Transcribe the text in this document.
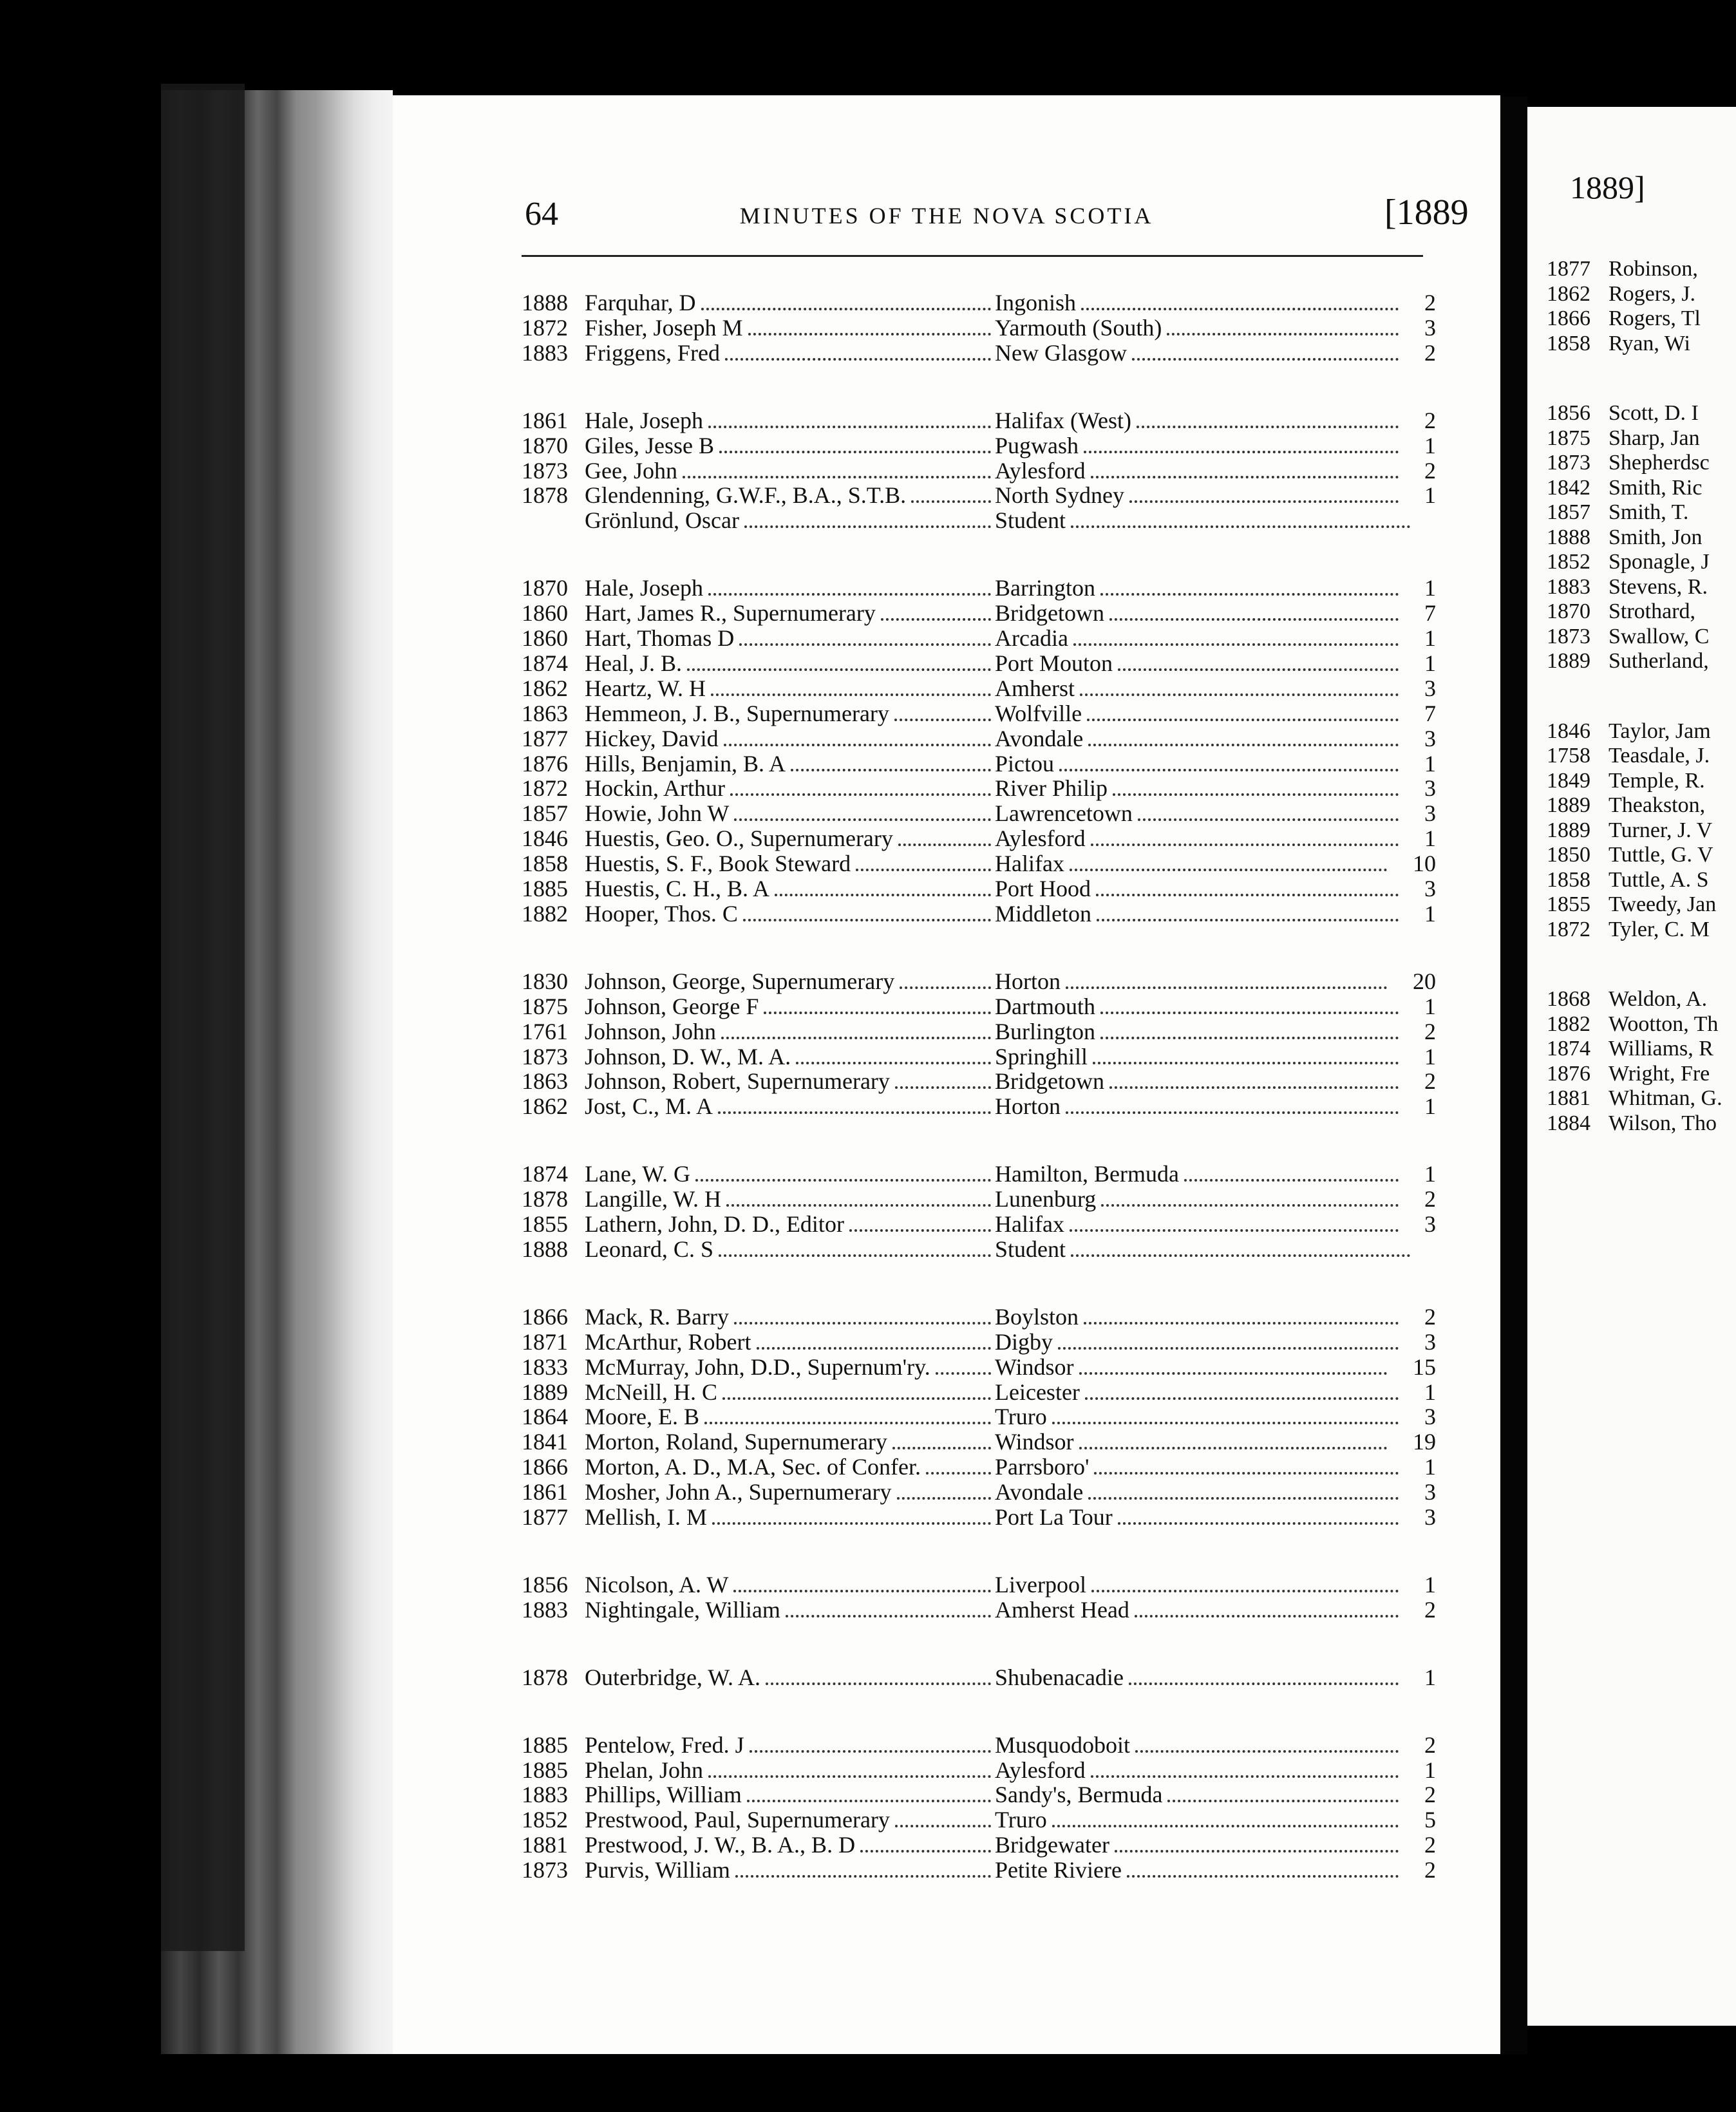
64	MINUTES OF THE NOVA SCOTIA	[1889
1888 Farquhar, D	Ingonish	2
1872 Fisher, Joseph M	Yarmouth (South)	3
1883 Friggens, Fred	New Glasgow	2
1861 Hale, Joseph	Halifax (West)	2
1870 Giles, Jesse B	Pugwash	1
1873 Gee, John	Aylesford	2
1878 Glendenning, G.W.F., B.A., S.T.B.	North Sydney	1
Grönlund, Oscar	Student
1870 Hale, Joseph	Barrington	1
1860 Hart, James R., Supernumerary	Bridgetown	7
1860 Hart, Thomas D	Arcadia	1
1874 Heal, J. B.	Port Mouton	1
1862 Heartz, W. H	Amherst	3
1863 Hemmeon, J. B., Supernumerary	Wolfville	7
1877 Hickey, David	Avondale	3
1876 Hills, Benjamin, B. A	Pictou	1
1872 Hockin, Arthur	River Philip	3
1857 Howie, John W	Lawrencetown	3
1846 Huestis, Geo. O., Supernumerary	Aylesford	1
1858 Huestis, S. F., Book Steward	Halifax	10
1885 Huestis, C. H., B. A	Port Hood	3
1882 Hooper, Thos. C	Middleton	1
1830 Johnson, George, Supernumerary	Horton	20
1875 Johnson, George F	Dartmouth	1
1761 Johnson, John	Burlington	2
1873 Johnson, D. W., M. A.	Springhill	1
1863 Johnson, Robert, Supernumerary	Bridgetown	2
1862 Jost, C., M. A	Horton	1
1874 Lane, W. G	Hamilton, Bermuda	1
1878 Langille, W. H	Lunenburg	2
1855 Lathern, John, D. D., Editor	Halifax	3
1888 Leonard, C. S	Student
1866 Mack, R. Barry	Boylston	2
1871 McArthur, Robert	Digby	3
1833 McMurray, John, D.D., Supernum'ry.	Windsor	15
1889 McNeill, H. C	Leicester	1
1864 Moore, E. B	Truro	3
1841 Morton, Roland, Supernumerary	Windsor	19
1866 Morton, A. D., M.A, Sec. of Confer.	Parrsboro'	1
1861 Mosher, John A., Supernumerary	Avondale	3
1877 Mellish, I. M	Port La Tour	3
1856 Nicolson, A. W	Liverpool	1
1883 Nightingale, William	Amherst Head	2
1878 Outerbridge, W. A.	Shubenacadie	1
1885 Pentelow, Fred. J	Musquodoboit	2
1885 Phelan, John	Aylesford	1
1883 Phillips, William	Sandy's, Bermuda	2
1852 Prestwood, Paul, Supernumerary	Truro	5
1881 Prestwood, J. W., B. A., B. D	Bridgewater	2
1873 Purvis, William	Petite Riviere	2
1889]
1877 Robinson,
1862 Rogers, J.
1866 Rogers, Tl
1858 Ryan, Wi
1856 Scott, D. I
1875 Sharp, Jan
1873 Shepherdsc
1842 Smith, Ric
1857 Smith, T.
1888 Smith, Jon
1852 Sponagle, J
1883 Stevens, R.
1870 Strothard,
1873 Swallow, C
1889 Sutherland,
1846 Taylor, Jam
1758 Teasdale, J.
1849 Temple, R.
1889 Theakston,
1889 Turner, J. V
1850 Tuttle, G. V
1858 Tuttle, A. S
1855 Tweedy, Jan
1872 Tyler, C. M
1868 Weldon, A.
1882 Wootton, Th
1874 Williams, R
1876 Wright, Fre
1881 Whitman, G.
1884 Wilson, Tho
